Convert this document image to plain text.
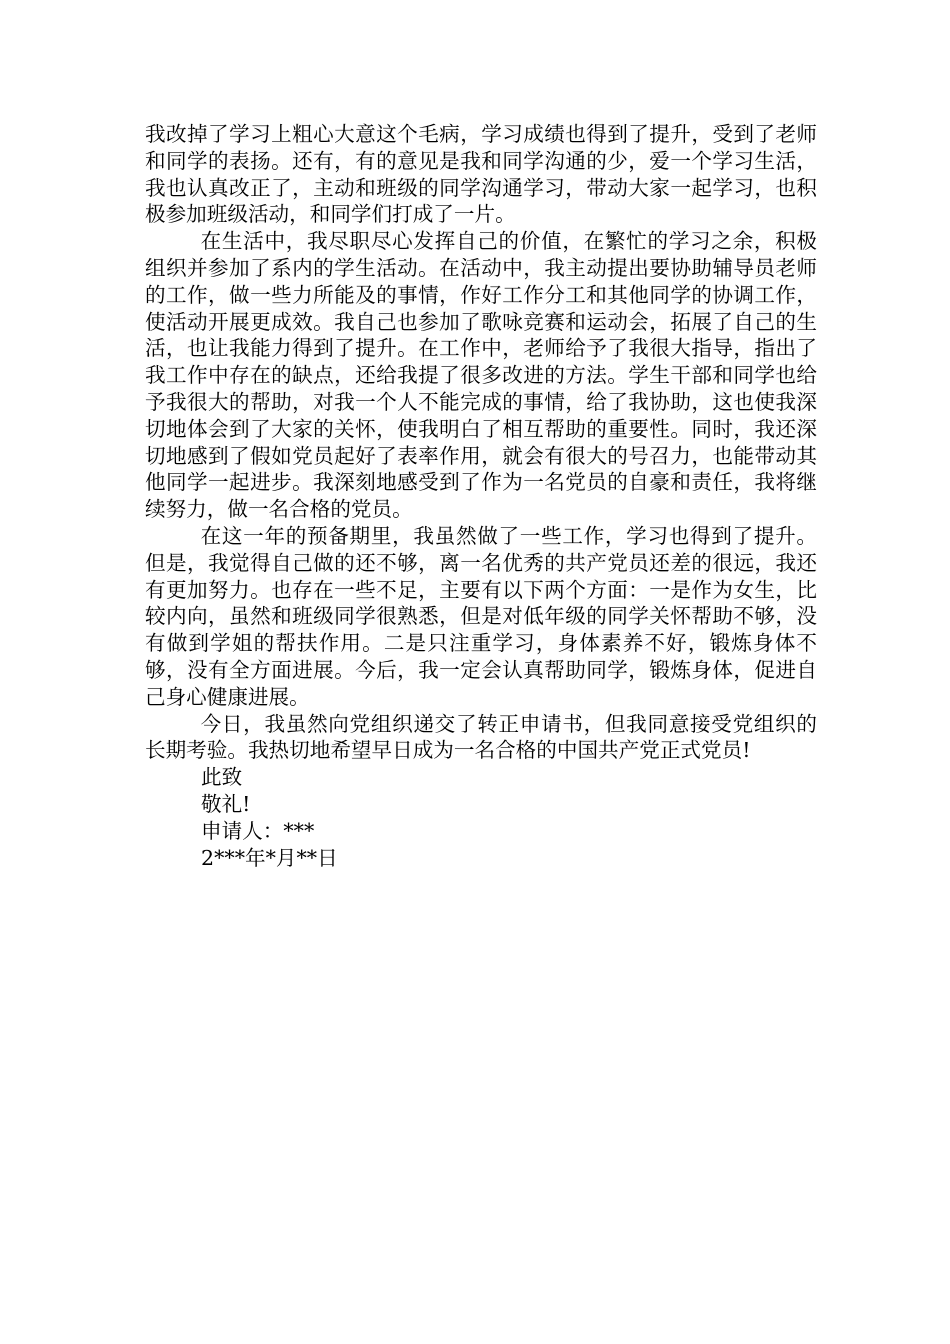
我改掉了学习上粗心大意这个毛病，学习成绩也得到了提升，受到了老师和同学的表扬。还有，有的意见是我和同学沟通的少，爱一个学习生活，我也认真改正了，主动和班级的同学沟通学习，带动大家一起学习，也积极参加班级活动，和同学们打成了一片。

在生活中，我尽职尽心发挥自己的价值，在繁忙的学习之余，积极组织并参加了系内的学生活动。在活动中，我主动提出要协助辅导员老师的工作，做一些力所能及的事情，作好工作分工和其他同学的协调工作，使活动开展更成效。我自己也参加了歌咏竞赛和运动会，拓展了自己的生活，也让我能力得到了提升。在工作中，老师给予了我很大指导，指出了我工作中存在的缺点，还给我提了很多改进的方法。学生干部和同学也给予我很大的帮助，对我一个人不能完成的事情，给了我协助，这也使我深切地体会到了大家的关怀，使我明白了相互帮助的重要性。同时，我还深切地感到了假如党员起好了表率作用，就会有很大的号召力，也能带动其他同学一起进步。我深刻地感受到了作为一名党员的自豪和责任，我将继续努力，做一名合格的党员。

在这一年的预备期里，我虽然做了一些工作，学习也得到了提升。但是，我觉得自己做的还不够，离一名优秀的共产党员还差的很远，我还有更加努力。也存在一些不足，主要有以下两个方面：一是作为女生，比较内向，虽然和班级同学很熟悉，但是对低年级的同学关怀帮助不够，没有做到学姐的帮扶作用。二是只注重学习，身体素养不好，锻炼身体不够，没有全方面进展。今后，我一定会认真帮助同学，锻炼身体，促进自己身心健康进展。

今日，我虽然向党组织递交了转正申请书，但我同意接受党组织的长期考验。我热切地希望早日成为一名合格的中国共产党正式党员!

此致

敬礼!

申请人：***

2***年*月**日
